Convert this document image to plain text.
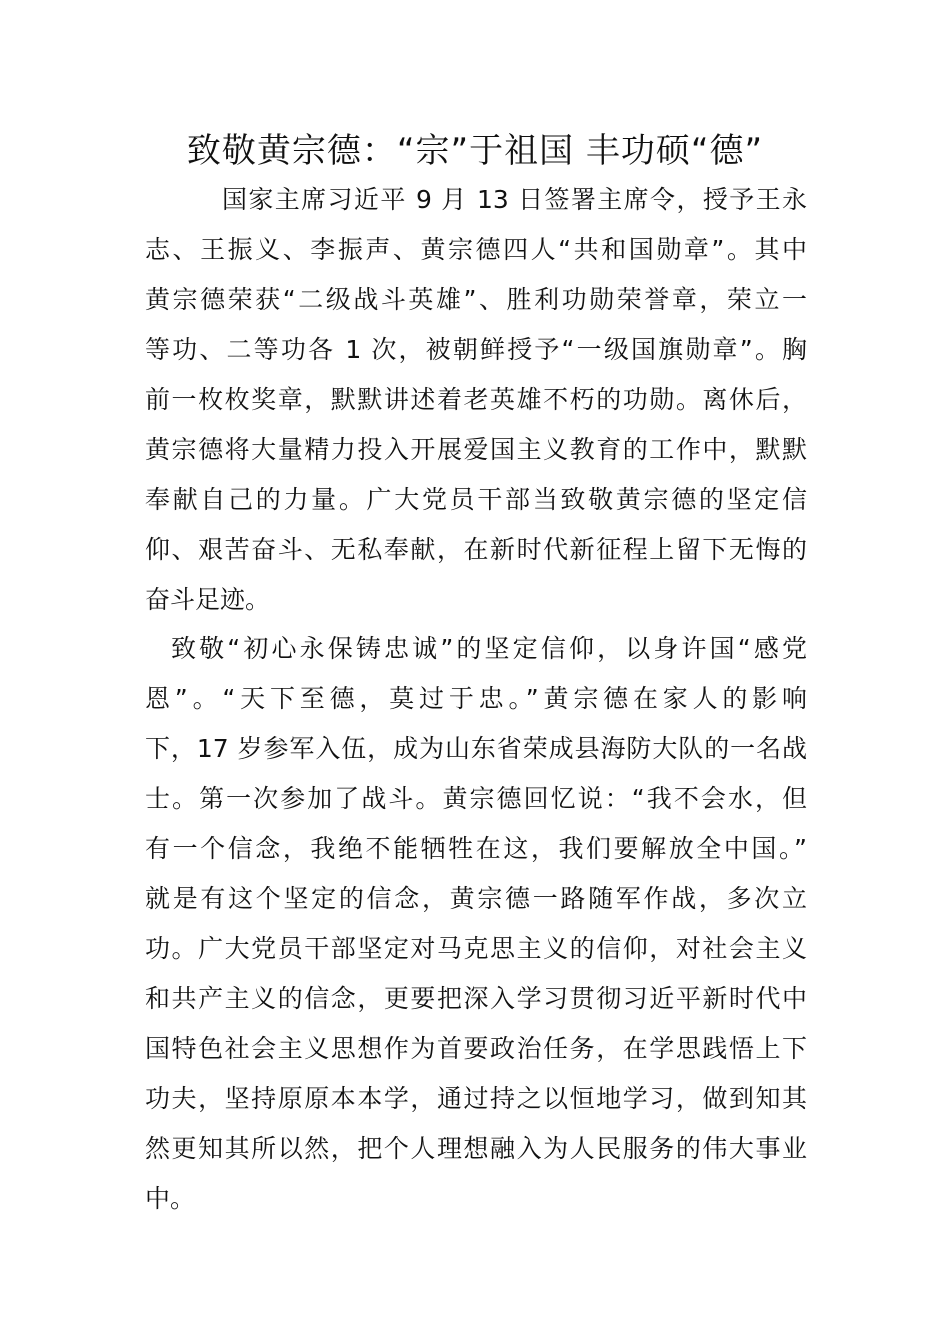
致敬黄宗德：“宗”于祖国 丰功硕“德”
国家主席习近平 9 月 13 日签署主席令，授予王永
志、王振义、李振声、黄宗德四人“共和国勋章”。其中
黄宗德荣获“二级战斗英雄”、胜利功勋荣誉章，荣立一
等功、二等功各 1 次，被朝鲜授予“一级国旗勋章”。胸
前一枚枚奖章，默默讲述着老英雄不朽的功勋。离休后，
黄宗德将大量精力投入开展爱国主义教育的工作中，默默
奉献自己的力量。广大党员干部当致敬黄宗德的坚定信
仰、艰苦奋斗、无私奉献，在新时代新征程上留下无悔的
奋斗足迹。
致敬“初心永保铸忠诚”的坚定信仰，以身许国“感党
恩”。“天下至德，莫过于忠。”黄宗德在家人的影响
下，17 岁参军入伍，成为山东省荣成县海防大队的一名战
士。第一次参加了战斗。黄宗德回忆说：“我不会水，但
有一个信念，我绝不能牺牲在这，我们要解放全中国。”
就是有这个坚定的信念，黄宗德一路随军作战，多次立
功。广大党员干部坚定对马克思主义的信仰，对社会主义
和共产主义的信念，更要把深入学习贯彻习近平新时代中
国特色社会主义思想作为首要政治任务，在学思践悟上下
功夫，坚持原原本本学，通过持之以恒地学习，做到知其
然更知其所以然，把个人理想融入为人民服务的伟大事业
中。
